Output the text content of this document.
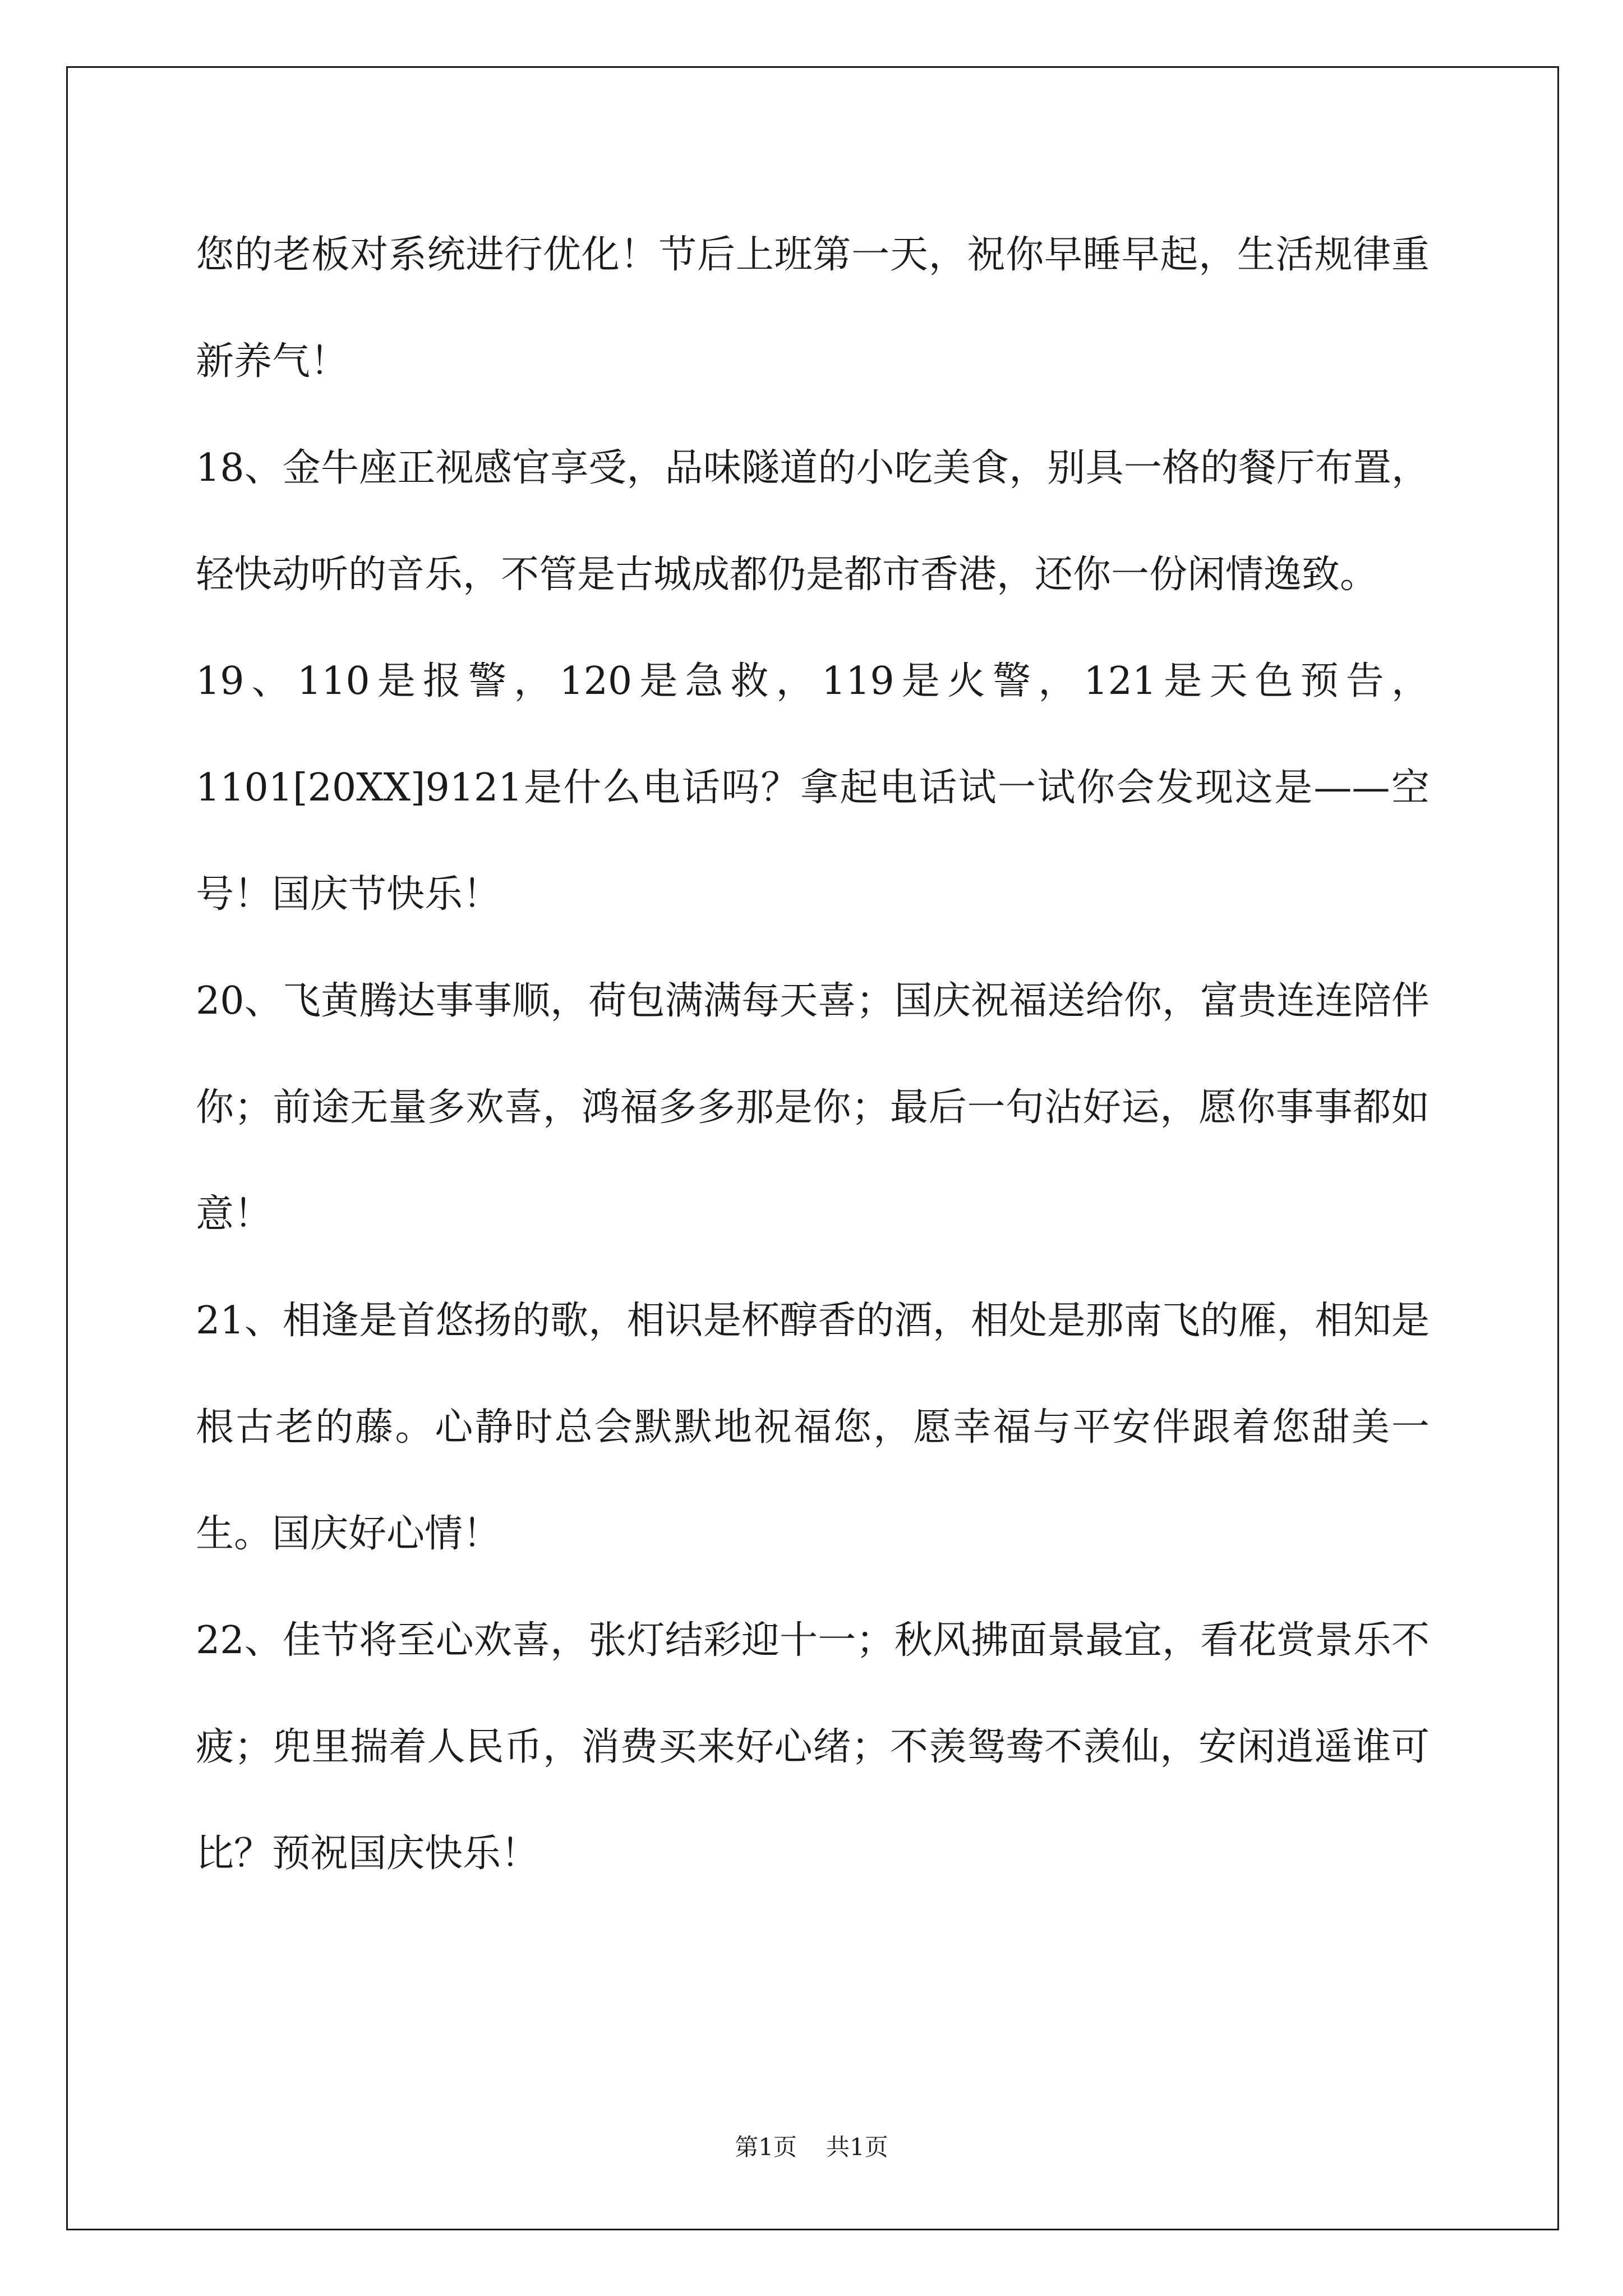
您的老板对系统进行优化！节后上班第一天，祝你早睡早起，生活规律重新养气！

18、金牛座正视感官享受，品味隧道的小吃美食，别具一格的餐厅布置，轻快动听的音乐，不管是古城成都仍是都市香港，还你一份闲情逸致。

19、110是报警，120是急救，119是火警，121是天色预告，

1101[20XX]9121是什么电话吗？拿起电话试一试你会发现这是——空号！国庆节快乐！

20、飞黄腾达事事顺，荷包满满每天喜；国庆祝福送给你，富贵连连陪伴你；前途无量多欢喜，鸿福多多那是你；最后一句沾好运，愿你事事都如意！

21、相逢是首悠扬的歌，相识是杯醇香的酒，相处是那南飞的雁，相知是根古老的藤。心静时总会默默地祝福您，愿幸福与平安伴跟着您甜美一生。国庆好心情！

22、佳节将至心欢喜，张灯结彩迎十一；秋风拂面景最宜，看花赏景乐不疲；兜里揣着人民币，消费买来好心绪；不羡鸳鸯不羡仙，安闲逍遥谁可比？预祝国庆快乐！

第1页 共1页
